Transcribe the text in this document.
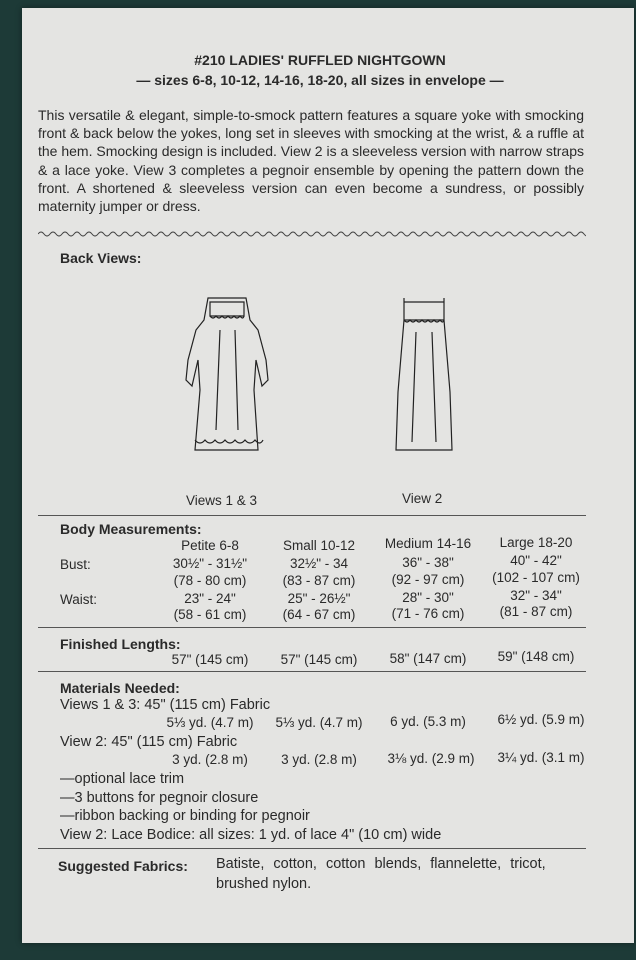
#210 LADIES' RUFFLED NIGHTGOWN
— sizes 6-8, 10-12, 14-16, 18-20, all sizes in envelope —
This versatile & elegant, simple-to-smock pattern features a square yoke with smocking front & back below the yokes, long set in sleeves with smocking at the wrist, & a ruffle at the hem. Smocking design is included. View 2 is a sleeveless version with narrow straps & a lace yoke. View 3 completes a pegnoir ensemble by opening the pattern down the front. A shortened & sleeveless version can even become a sundress, or possibly maternity jumper or dress.
Back Views:
Views 1 & 3	View 2
Body Measurements:
Petite 6-8	Small 10-12	Medium 14-16	Large 18-20
Bust:	30½" - 31½"	32½" - 34	36" - 38"	40" - 42"
(78 - 80 cm)	(83 - 87 cm)	(92 - 97 cm)	(102 - 107 cm)
Waist:	23" - 24"	25" - 26½"	28" - 30"	32" - 34"
(58 - 61 cm)	(64 - 67 cm)	(71 - 76 cm)	(81 - 87 cm)
Finished Lengths:
57" (145 cm)	57" (145 cm)	58" (147 cm)	59" (148 cm)
Materials Needed:
Views 1 & 3: 45" (115 cm) Fabric
5⅓ yd. (4.7 m)	5⅓ yd. (4.7 m)	6 yd. (5.3 m)	6½ yd. (5.9 m)
View 2: 45" (115 cm) Fabric
3 yd. (2.8 m)	3 yd. (2.8 m)	3⅛ yd. (2.9 m)	3¼ yd. (3.1 m)
—optional lace trim
—3 buttons for pegnoir closure
—ribbon backing or binding for pegnoir
View 2: Lace Bodice: all sizes: 1 yd. of lace 4" (10 cm) wide
Suggested Fabrics: Batiste, cotton, cotton blends, flannelette, tricot,
brushed nylon.
